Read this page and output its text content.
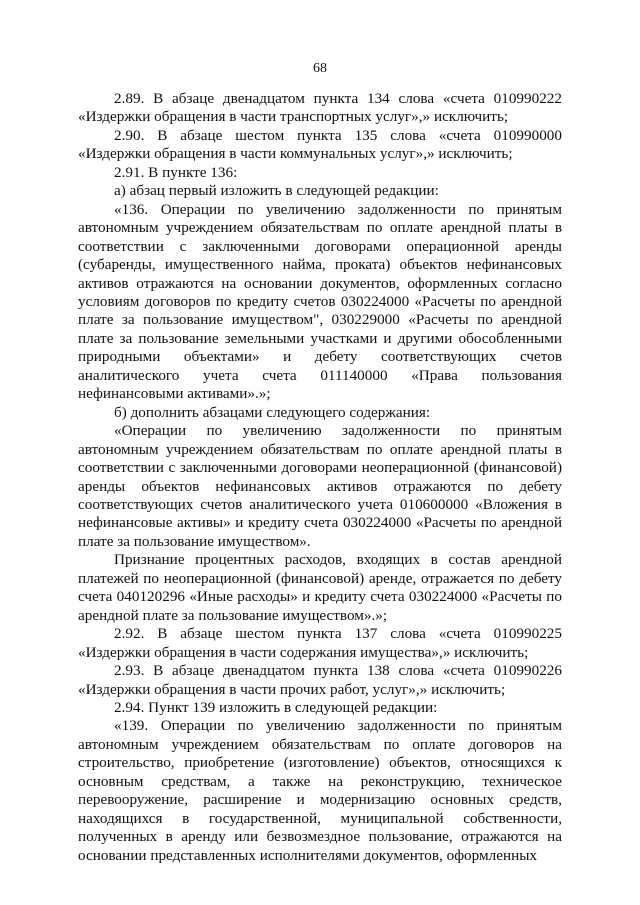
68

2.89. В абзаце двенадцатом пункта 134 слова «счета 010990222 «Издержки обращения в части транспортных услуг»,» исключить;

2.90. В абзаце шестом пункта 135 слова «счета 010990000 «Издержки обращения в части коммунальных услуг»,» исключить;

2.91. В пункте 136:

а) абзац первый изложить в следующей редакции:

«136. Операции по увеличению задолженности по принятым автономным учреждением обязательствам по оплате арендной платы в соответствии с заключенными договорами операционной аренды (субаренды, имущественного найма, проката) объектов нефинансовых активов отражаются на основании документов, оформленных согласно условиям договоров по кредиту счетов 030224000 «Расчеты по арендной плате за пользование имуществом", 030229000 «Расчеты по арендной плате за пользование земельными участками и другими обособленными природными объектами» и дебету соответствующих счетов аналитического учета счета 011140000 «Права пользования нефинансовыми активами».»;

б) дополнить абзацами следующего содержания:

«Операции по увеличению задолженности по принятым автономным учреждением обязательствам по оплате арендной платы в соответствии с заключенными договорами неоперационной (финансовой) аренды объектов нефинансовых активов отражаются по дебету соответствующих счетов аналитического учета 010600000 «Вложения в нефинансовые активы» и кредиту счета 030224000 «Расчеты по арендной плате за пользование имуществом».

Признание процентных расходов, входящих в состав арендной платежей по неоперационной (финансовой) аренде, отражается по дебету счета 040120296 «Иные расходы» и кредиту счета 030224000 «Расчеты по арендной плате за пользование имуществом».»;

2.92. В абзаце шестом пункта 137 слова «счета 010990225 «Издержки обращения в части содержания имущества»,» исключить;

2.93. В абзаце двенадцатом пункта 138 слова «счета 010990226 «Издержки обращения в части прочих работ, услуг»,» исключить;

2.94. Пункт 139 изложить в следующей редакции:

«139. Операции по увеличению задолженности по принятым автономным учреждением обязательствам по оплате договоров на строительство, приобретение (изготовление) объектов, относящихся к основным средствам, а также на реконструкцию, техническое перевооружение, расширение и модернизацию основных средств, находящихся в государственной, муниципальной собственности, полученных в аренду или безвозмездное пользование, отражаются на основании представленных исполнителями документов, оформленных
